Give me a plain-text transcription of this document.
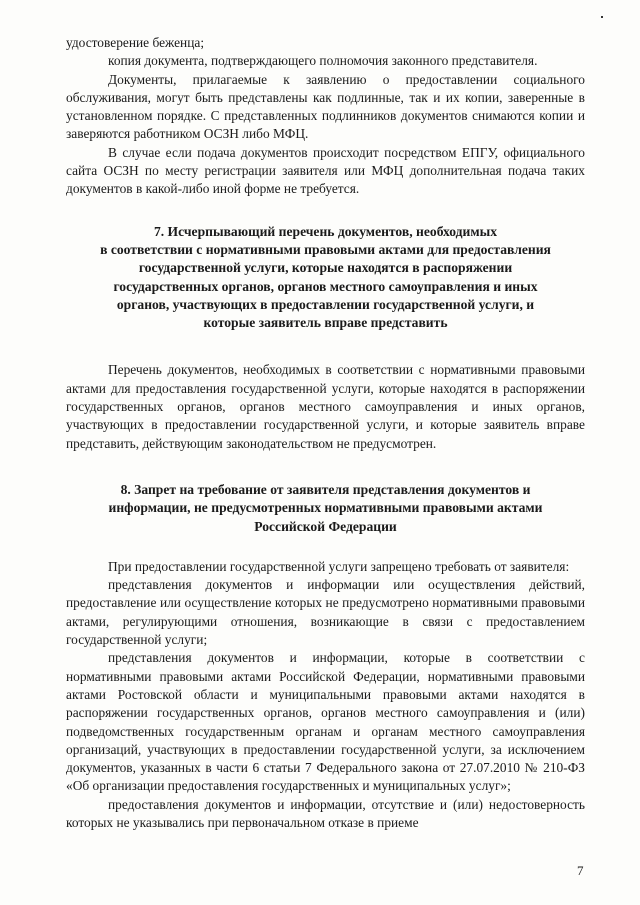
удостоверение беженца;

копия документа, подтверждающего полномочия законного представителя.

Документы, прилагаемые к заявлению о предоставлении социального обслуживания, могут быть представлены как подлинные, так и их копии, заверенные в установленном порядке. С представленных подлинников документов снимаются копии и заверяются работником ОСЗН либо МФЦ.

В случае если подача документов происходит посредством ЕПГУ, официального сайта ОСЗН по месту регистрации заявителя или МФЦ дополнительная подача таких документов в какой-либо иной форме не требуется.

7. Исчерпывающий перечень документов, необходимых
в соответствии с нормативными правовыми актами для предоставления
государственной услуги, которые находятся в распоряжении
государственных органов, органов местного самоуправления и иных
органов, участвующих в предоставлении государственной услуги, и
которые заявитель вправе представить

Перечень документов, необходимых в соответствии с нормативными правовыми актами для предоставления государственной услуги, которые находятся в распоряжении государственных органов, органов местного самоуправления и иных органов, участвующих в предоставлении государственной услуги, и которые заявитель вправе представить, действующим законодательством не предусмотрен.

8. Запрет на требование от заявителя представления документов и
информации, не предусмотренных нормативными правовыми актами
Российской Федерации

При предоставлении государственной услуги запрещено требовать от заявителя:

представления документов и информации или осуществления действий, предоставление или осуществление которых не предусмотрено нормативными правовыми актами, регулирующими отношения, возникающие в связи с предоставлением государственной услуги;

представления документов и информации, которые в соответствии с нормативными правовыми актами Российской Федерации, нормативными правовыми актами Ростовской области и муниципальными правовыми актами находятся в распоряжении государственных органов, органов местного самоуправления и (или) подведомственных государственным органам и органам местного самоуправления организаций, участвующих в предоставлении государственной услуги, за исключением документов, указанных в части 6 статьи 7 Федерального закона от 27.07.2010 № 210-ФЗ «Об организации предоставления государственных и муниципальных услуг»;

предоставления документов и информации, отсутствие и (или) недостоверность которых не указывались при первоначальном отказе в приеме

7
